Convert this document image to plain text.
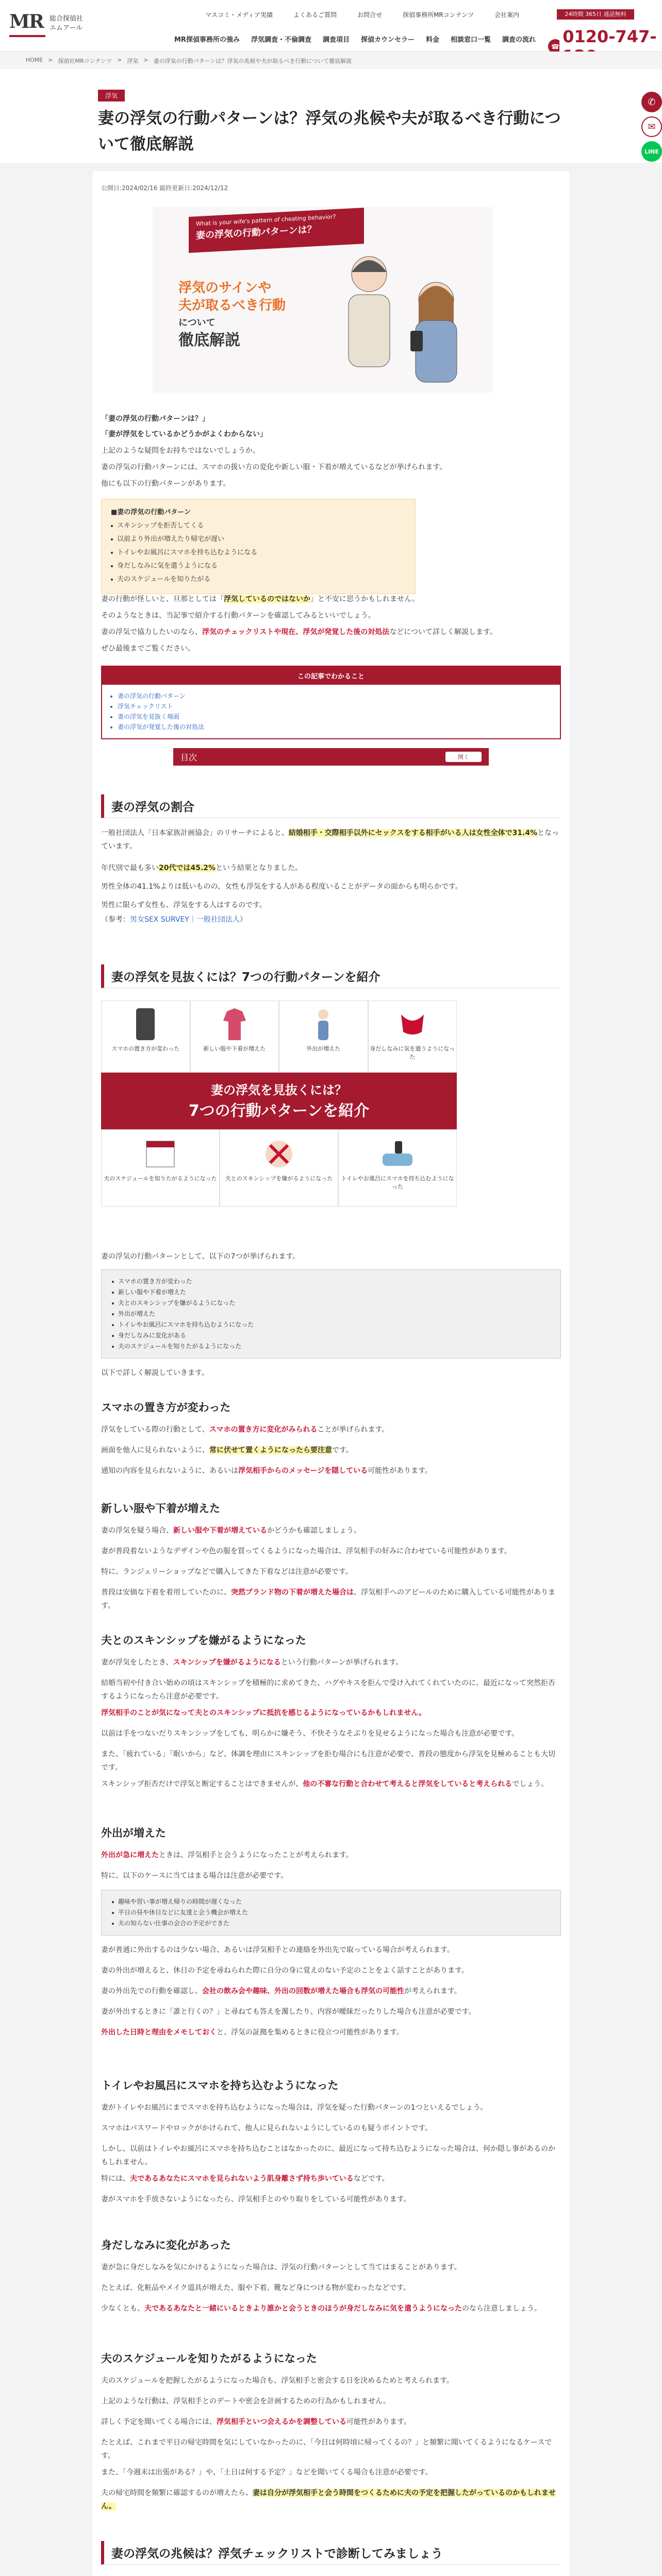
MR 総合探偵社
エムアール
マスコミ・メディア実績	よくあるご質問	お問合せ	探偵事務所MRコンテンツ	会社案内
MR探偵事務所の強み 浮気調査・不倫調査 調査項目 探偵カウンセラー 料金 相談窓口一覧 調査の流れ
24時間 365日 通話無料
☎
0120-747-
HOME > 探偵社MRコンテンツ > 浮気 > 妻の浮気の行動パターンは？浮気の兆候や夫が取るべき行動について徹底解説
✆
✉
LINE
浮気
妻の浮気の行動パターンは？浮気の兆候や夫が取るべき行動について徹底解説
公開日:2024/02/16 最終更新日:2024/12/12
What is your wife's pattern of cheating behavior?
妻の浮気の行動パターンは？
浮気のサインや
夫が取るべき行動
について
徹底解説
「妻の浮気の行動パターンは？」
「妻が浮気をしているかどうかがよくわからない」
上記のような疑問をお持ちではないでしょうか。
妻の浮気の行動パターンには、スマホの扱い方の変化や新しい服・下着が増えているなどが挙げられます。
他にも以下の行動パターンがあります。
■妻の浮気の行動パターン
スキンシップを拒否してくる
以前より外出が増えたり帰宅が遅い
トイレやお風呂にスマホを持ち込むようになる
身だしなみに気を遣うようになる
夫のスケジュールを知りたがる
妻の行動が怪しいと、旦那としては「浮気しているのではないか」と不安に思うかもしれません。
そのようなときは、当記事で紹介する行動パターンを確認してみるといいでしょう。
妻の浮気で協力したいのなら、浮気のチェックリストや現在、浮気が発覚した後の対処法などについて詳しく解説します。
ぜひ最後までご覧ください。
この記事でわかること
• 妻の浮気の行動パターン
• 浮気チェックリスト
• 妻の浮気を見抜く場面
• 妻の浮気が発覚した後の対処法
目次	開く
妻の浮気の割合
一般社団法人「日本家族計画協会」のリサーチによると、結婚相手・交際相手以外にセックスをする相手がいる人は女性全体で31.4%となっています。
年代別で最も多い20代では45.2%という結果となりました。
男性全体の41.1%よりは低いものの、女性も浮気をする人がある程度いることがデータの面からも明らかです。
男性に限らず女性も、浮気をする人はするのです。
（参考：男女SEX SURVEY｜一般社団法人）
妻の浮気を見抜くには？7つの行動パターンを紹介
スマホの置き方が変わった	新しい服や下着が増えた	外出が増えた	身だしなみに気を遣うようになった
妻の浮気を見抜くには？
7つの行動パターンを紹介
夫のスケジュールを知りたがるようになった	夫とのスキンシップを嫌がるようになった	トイレやお風呂にスマホを持ち込むようになった
妻の浮気の行動パターンとして、以下の7つが挙げられます。
スマホの置き方が変わった
新しい服や下着が増えた
夫とのスキンシップを嫌がるようになった
外出が増えた
トイレやお風呂にスマホを持ち込むようになった
身だしなみに変化がある
夫のスケジュールを知りたがるようになった
以下で詳しく解説していきます。
スマホの置き方が変わった
浮気をしている際の行動として、スマホの置き方に変化がみられることが挙げられます。
画面を他人に見られないように、常に伏せて置くようになったら要注意です。
通知の内容を見られないように、あるいは浮気相手からのメッセージを隠している可能性があります。
新しい服や下着が増えた
妻の浮気を疑う場合、新しい服や下着が増えているかどうかも確認しましょう。
妻が普段着ないようなデザインや色の服を買ってくるようになった場合は、浮気相手の好みに合わせている可能性があります。
特に、ランジェリーショップなどで購入してきた下着などは注意が必要です。
普段は安価な下着を着用していたのに、突然ブランド物の下着が増えた場合は、浮気相手へのアピールのために購入している可能性があります。
夫とのスキンシップを嫌がるようになった
妻が浮気をしたとき、スキンシップを嫌がるようになるという行動パターンが挙げられます。
結婚当初や付き合い始めの頃はスキンシップを積極的に求めてきた、ハグやキスを拒んで受け入れてくれていたのに、最近になって突然拒否するようになったら注意が必要です。
浮気相手のことが気になって夫とのスキンシップに抵抗を感じるようになっているかもしれません。
以前は手をつないだりスキンシップをしても、明らかに嫌そう、不快そうなそぶりを見せるようになった場合も注意が必要です。
また、「疲れている」「眠いから」など、体調を理由にスキンシップを拒む場合にも注意が必要で、普段の態度から浮気を見極めることも大切です。
スキンシップ拒否だけで浮気と断定することはできませんが、他の不審な行動と合わせて考えると浮気をしていると考えられるでしょう。
外出が増えた
外出が急に増えたときは、浮気相手と会うようになったことが考えられます。
特に、以下のケースに当てはまる場合は注意が必要です。
趣味や習い事が増え帰りの時間が遅くなった
平日の昼や休日などに友達と会う機会が増えた
夫の知らない仕事の会合の予定ができた
妻が普通に外出するのは少ない場合、あるいは浮気相手との連絡を外出先で取っている場合が考えられます。
妻の外出が増えると、休日の予定を尋ねられた際に自分の身に覚えのない予定のことをよく話すことがあります。
妻の外出先での行動を確認し、会社の飲み会や趣味、外出の回数が増えた場合も浮気の可能性が考えられます。
妻が外出するときに「誰と行くの？」と尋ねても答えを濁したり、内容が曖昧だったりした場合も注意が必要です。
外出した日時と理由をメモしておくと、浮気の証拠を集めるときに役立つ可能性があります。
トイレやお風呂にスマホを持ち込むようになった
妻がトイレやお風呂にまでスマホを持ち込むようになった場合は、浮気を疑った行動パターンの1つといえるでしょう。
スマホはパスワードやロックがかけられて、他人に見られないようにしているのも疑うポイントです。
しかし、以前はトイレやお風呂にスマホを持ち込むことはなかったのに、最近になって持ち込むようになった場合は、何か隠し事があるのかもしれません。
特には、夫であるあなたにスマホを見られないよう肌身離さず持ち歩いているなどです。
妻がスマホを手放さないようになったら、浮気相手とのやり取りをしている可能性があります。
身だしなみに変化があった
妻が急に身だしなみを気にかけるようになった場合は、浮気の行動パターンとして当てはまることがあります。
たとえば、化粧品やメイク道具が増えた、服や下着、靴など身につける物が変わったなどです。
少なくとも、夫であるあなたと一緒にいるときより誰かと会うときのほうが身だしなみに気を遣うようになったのなら注意しましょう。
夫のスケジュールを知りたがるようになった
夫のスケジュールを把握したがるようになった場合も、浮気相手と密会する日を決めるためと考えられます。
上記のような行動は、浮気相手とのデートや密会を計画するための行為かもしれません。
詳しく予定を聞いてくる場合には、浮気相手といつ会えるかを調整している可能性があります。
たとえば、これまで平日の帰宅時間を気にしていなかったのに、「今日は何時頃に帰ってくるの？」と頻繁に聞いてくるようになるケースです。
また、「今週末は出張がある？」や、「土日は何する予定？」などを聞いてくる場合も注意が必要です。
夫の帰宅時間を頻繁に確認するのが増えたら、妻は自分が浮気相手と会う時間をつくるために夫の予定を把握したがっているのかもしれません。
妻の浮気の兆候は？浮気チェックリストで診断してみましょう
